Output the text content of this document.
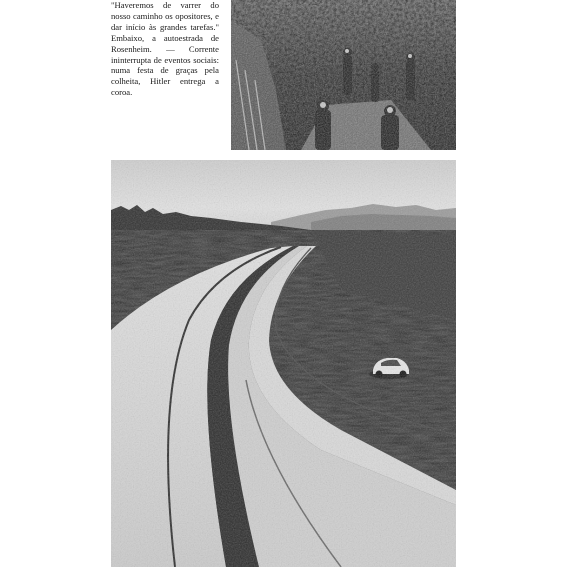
"Haveremos de varrer do nosso caminho os opositores, e dar início às grandes tarefas." Embaixo, a autoestrada de Rosenheim. — Corrente ininterrupta de eventos sociais: numa festa de graças pela colheita, Hitler entrega a coroa.
